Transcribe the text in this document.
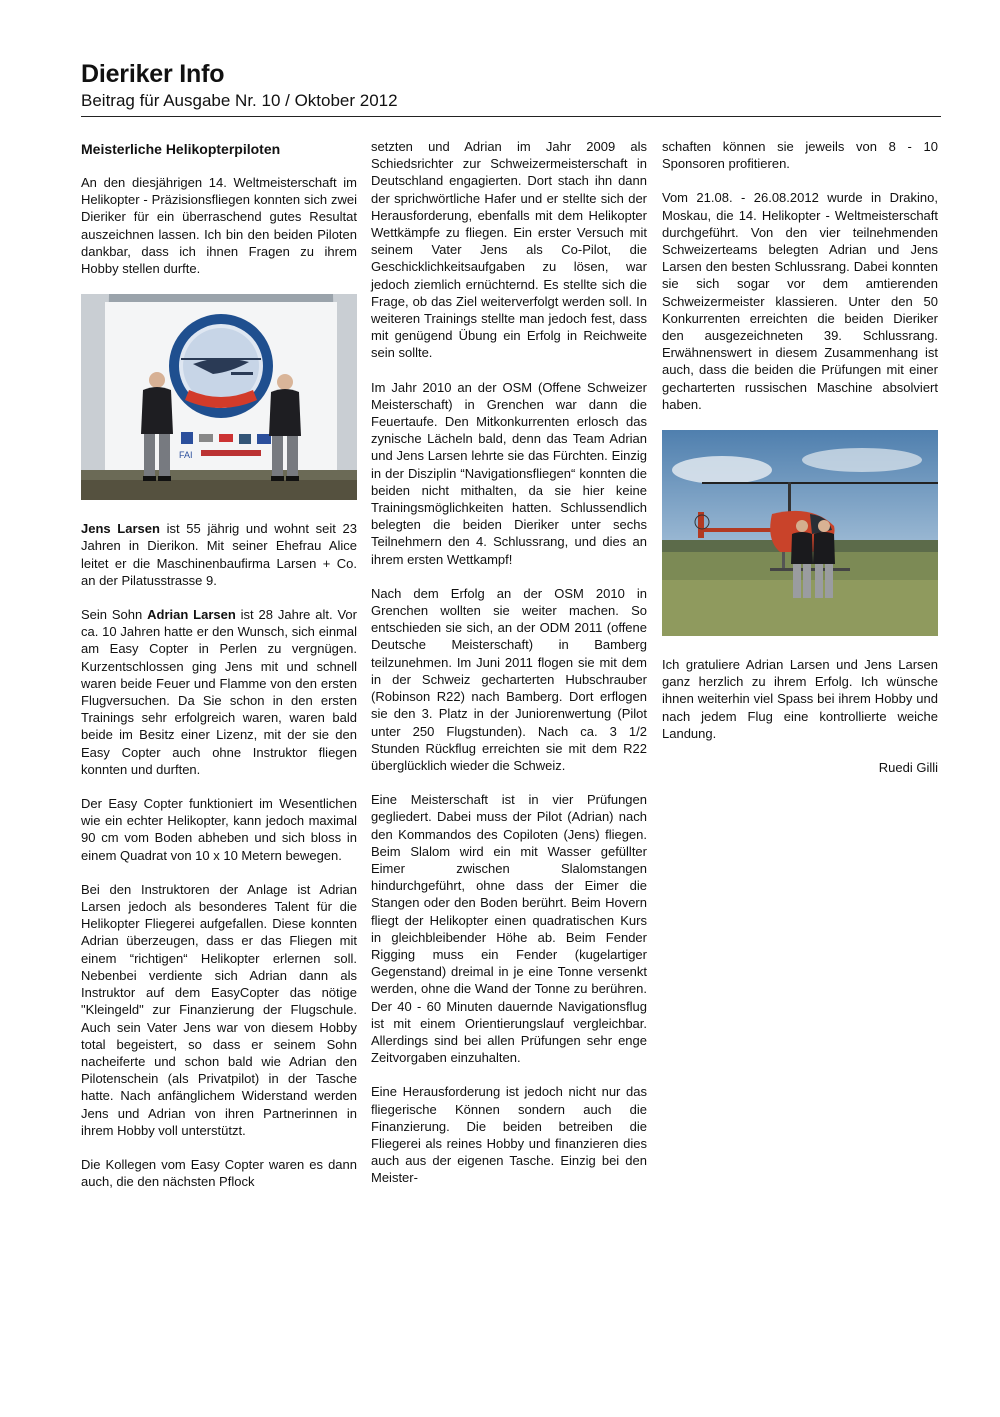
Dieriker Info
Beitrag für Ausgabe Nr. 10 / Oktober 2012
Meisterliche Helikopterpiloten

An den diesjährigen 14. Weltmeisterschaft im Helikopter - Präzisionsfliegen konnten sich zwei Dieriker für ein überraschend gutes Resultat auszeichnen lassen. Ich bin den beiden Piloten dankbar, dass ich ihnen Fragen zu ihrem Hobby stellen durfte.

FAI

Jens Larsen ist 55 jährig und wohnt seit 23 Jahren in Dierikon. Mit seiner Ehefrau Alice leitet er die Maschinenbaufirma Larsen + Co. an der Pilatusstrasse 9.

Sein Sohn Adrian Larsen ist 28 Jahre alt. Vor ca. 10 Jahren hatte er den Wunsch, sich einmal am Easy Copter in Perlen zu vergnügen. Kurzentschlossen ging Jens mit und schnell waren beide Feuer und Flamme von den ersten Flugversuchen. Da Sie schon in den ersten Trainings sehr erfolgreich waren, waren bald beide im Besitz einer Lizenz, mit der sie den Easy Copter auch ohne Instruktor fliegen konnten und durften.

Der Easy Copter funktioniert im Wesentlichen wie ein echter Helikopter, kann jedoch maximal 90 cm vom Boden abheben und sich bloss in einem Quadrat von 10 x 10 Metern bewegen.

Bei den Instruktoren der Anlage ist Adrian Larsen jedoch als besonderes Talent für die Helikopter Fliegerei aufgefallen. Diese konnten Adrian überzeugen, dass er das Fliegen mit einem “richtigen“ Helikopter erlernen soll. Nebenbei verdiente sich Adrian dann als Instruktor auf dem EasyCopter das nötige "Kleingeld" zur Finanzierung der Flugschule. Auch sein Vater Jens war von diesem Hobby total begeistert, so dass er seinem Sohn nacheiferte und schon bald wie Adrian den Pilotenschein (als Privatpilot) in der Tasche hatte. Nach anfänglichem Widerstand werden Jens und Adrian von ihren Partnerinnen in ihrem Hobby voll unterstützt.

Die Kollegen vom Easy Copter waren es dann auch, die den nächsten Pflock

setzten und Adrian im Jahr 2009 als Schiedsrichter zur Schweizermeisterschaft in Deutschland engagierten. Dort stach ihn dann der sprichwörtliche Hafer und er stellte sich der Herausforderung, ebenfalls mit dem Helikopter Wettkämpfe zu fliegen. Ein erster Versuch mit seinem Vater Jens als Co-Pilot, die Geschicklichkeitsaufgaben zu lösen, war jedoch ziemlich ernüchternd. Es stellte sich die Frage, ob das Ziel weiterverfolgt werden soll. In weiteren Trainings stellte man jedoch fest, dass mit genügend Übung ein Erfolg in Reichweite sein sollte.

Im Jahr 2010 an der OSM (Offene Schweizer Meisterschaft) in Grenchen war dann die Feuertaufe. Den Mitkonkurrenten erlosch das zynische Lächeln bald, denn das Team Adrian und Jens Larsen lehrte sie das Fürchten. Einzig in der Disziplin “Navigationsfliegen“ konnten die beiden nicht mithalten, da sie hier keine Trainingsmöglichkeiten hatten. Schlussendlich belegten die beiden Dieriker unter sechs Teilnehmern den 4. Schlussrang, und dies an ihrem ersten Wettkampf!

Nach dem Erfolg an der OSM 2010 in Grenchen wollten sie weiter machen. So entschieden sie sich, an der ODM 2011 (offene Deutsche Meisterschaft) in Bamberg teilzunehmen. Im Juni 2011 flogen sie mit dem in der Schweiz gecharterten Hubschrauber (Robinson R22) nach Bamberg. Dort erflogen sie den 3. Platz in der Juniorenwertung (Pilot unter 250 Flugstunden). Nach ca. 3 1/2 Stunden Rückflug erreichten sie mit dem R22 überglücklich wieder die Schweiz.

Eine Meisterschaft ist in vier Prüfungen gegliedert. Dabei muss der Pilot (Adrian) nach den Kommandos des Copiloten (Jens) fliegen. Beim Slalom wird ein mit Wasser gefüllter Eimer zwischen Slalomstangen hindurchgeführt, ohne dass der Eimer die Stangen oder den Boden berührt. Beim Hovern fliegt der Helikopter einen quadratischen Kurs in gleichbleibender Höhe ab. Beim Fender Rigging muss ein Fender (kugelartiger Gegenstand) dreimal in je eine Tonne versenkt werden, ohne die Wand der Tonne zu berühren. Der 40 - 60 Minuten dauernde Navigationsflug ist mit einem Orientierungslauf vergleichbar. Allerdings sind bei allen Prüfungen sehr enge Zeitvorgaben einzuhalten.

Eine Herausforderung ist jedoch nicht nur das fliegerische Können sondern auch die Finanzierung. Die beiden betreiben die Fliegerei als reines Hobby und finanzieren dies auch aus der eigenen Tasche. Einzig bei den Meister-

schaften können sie jeweils von 8 - 10 Sponsoren profitieren.

Vom 21.08. - 26.08.2012 wurde in Drakino, Moskau, die 14. Helikopter - Weltmeisterschaft durchgeführt. Von den vier teilnehmenden Schweizerteams belegten Adrian und Jens Larsen den besten Schlussrang. Dabei konnten sie sich sogar vor dem amtierenden Schweizermeister klassieren. Unter den 50 Konkurrenten erreichten die beiden Dieriker den ausgezeichneten 39. Schlussrang. Erwähnenswert in diesem Zusammenhang ist auch, dass die beiden die Prüfungen mit einer gecharterten russischen Maschine absolviert haben.

Ich gratuliere Adrian Larsen und Jens Larsen ganz herzlich zu ihrem Erfolg. Ich wünsche ihnen weiterhin viel Spass bei ihrem Hobby und nach jedem Flug eine kontrollierte weiche Landung.

Ruedi Gilli
